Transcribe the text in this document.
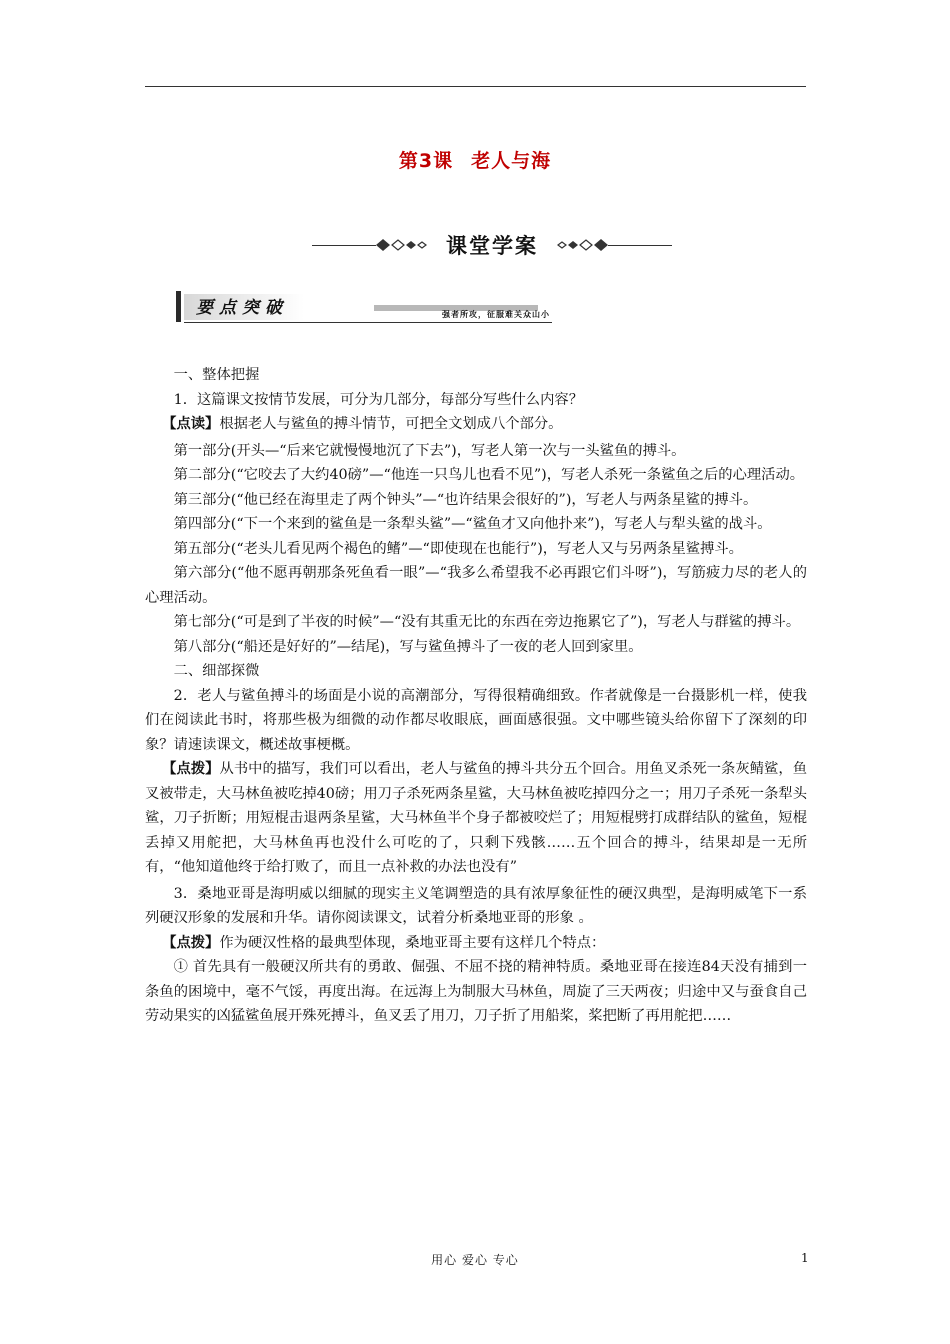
第3课 老人与海
课堂学案
要点突破	强者所攻，征服难关众山小

一、整体把握

1．这篇课文按情节发展，可分为几部分，每部分写些什么内容？

【点读】根据老人与鲨鱼的搏斗情节，可把全文划成八个部分。

第一部分(开头—“后来它就慢慢地沉了下去”)，写老人第一次与一头鲨鱼的搏斗。

第二部分(“它咬去了大约40磅”—“他连一只鸟儿也看不见”)，写老人杀死一条鲨鱼之后的心理活动。

第三部分(“他已经在海里走了两个钟头”—“也许结果会很好的”)，写老人与两条星鲨的搏斗。

第四部分(“下一个来到的鲨鱼是一条犁头鲨”—“鲨鱼才又向他扑来”)，写老人与犁头鲨的战斗。

第五部分(“老头儿看见两个褐色的鳍”—“即使现在也能行”)，写老人又与另两条星鲨搏斗。

第六部分(“他不愿再朝那条死鱼看一眼”—“我多么希望我不必再跟它们斗呀”)，写筋疲力尽的老人的心理活动。

第七部分(“可是到了半夜的时候”—“没有其重无比的东西在旁边拖累它了”)，写老人与群鲨的搏斗。

第八部分(“船还是好好的”—结尾)，写与鲨鱼搏斗了一夜的老人回到家里。

二、细部探微

2．老人与鲨鱼搏斗的场面是小说的高潮部分，写得很精确细致。作者就像是一台摄影机一样，使我们在阅读此书时，将那些极为细微的动作都尽收眼底，画面感很强。文中哪些镜头给你留下了深刻的印象？请速读课文，概述故事梗概。

【点拨】从书中的描写，我们可以看出，老人与鲨鱼的搏斗共分五个回合。用鱼叉杀死一条灰鲭鲨，鱼叉被带走，大马林鱼被吃掉40磅；用刀子杀死两条星鲨，大马林鱼被吃掉四分之一；用刀子杀死一条犁头鲨，刀子折断；用短棍击退两条星鲨，大马林鱼半个身子都被咬烂了；用短棍劈打成群结队的鲨鱼，短棍丢掉又用舵把，大马林鱼再也没什么可吃的了，只剩下残骸……五个回合的搏斗，结果却是一无所有，“他知道他终于给打败了，而且一点补救的办法也没有”

3．桑地亚哥是海明威以细腻的现实主义笔调塑造的具有浓厚象征性的硬汉典型，是海明威笔下一系列硬汉形象的发展和升华。请你阅读课文，试着分析桑地亚哥的形象 。

【点拨】作为硬汉性格的最典型体现，桑地亚哥主要有这样几个特点：

① 首先具有一般硬汉所共有的勇敢、倔强、不屈不挠的精神特质。桑地亚哥在接连84天没有捕到一条鱼的困境中，毫不气馁，再度出海。在远海上为制服大马林鱼，周旋了三天两夜；归途中又与蚕食自己劳动果实的凶猛鲨鱼展开殊死搏斗，鱼叉丢了用刀，刀子折了用船桨，桨把断了再用舵把……

用心 爱心 专心	1
